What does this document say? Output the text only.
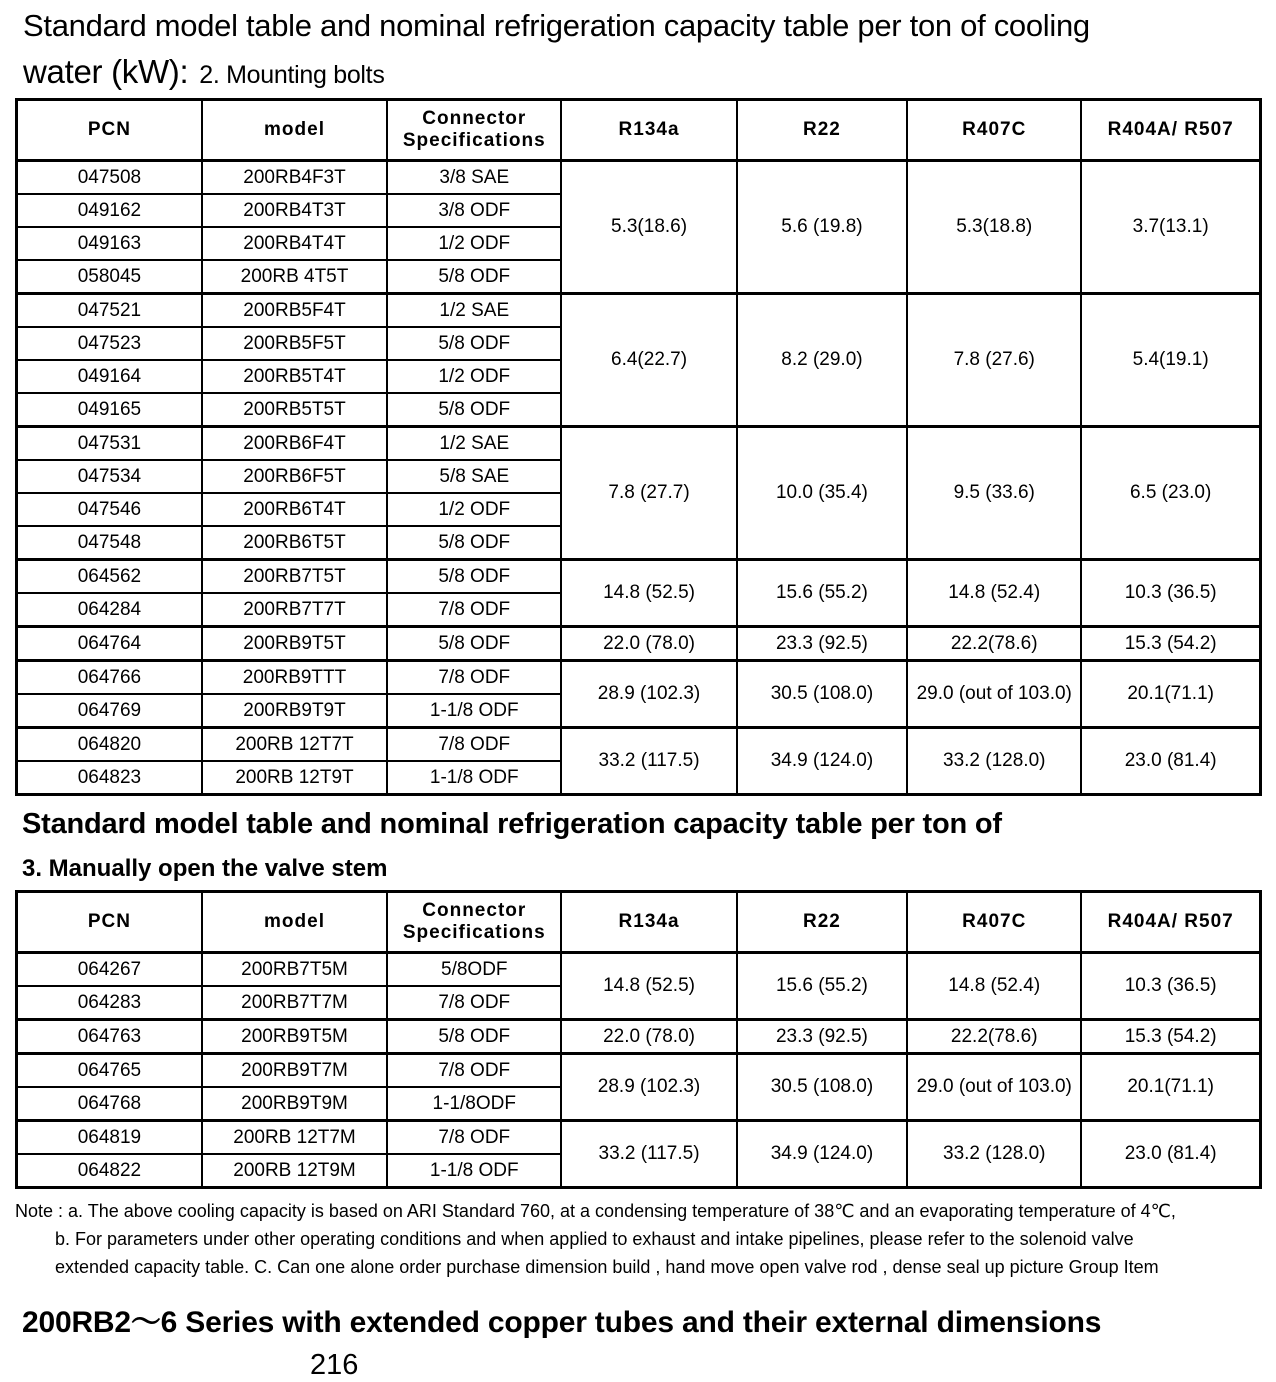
Standard model table and nominal refrigeration capacity table per ton of cooling
water (kW): 2. Mounting bolts
PCN	model	Connector
Specifications	R134a	R22	R407C	R404A/ R507

047508	200RB4F3T	3/8 SAE	5.3(18.6)	5.6 (19.8)	5.3(18.8)	3.7(13.1)
049162	200RB4T3T	3/8 ODF				
049163	200RB4T4T	1/2 ODF				
058045	200RB 4T5T	5/8 ODF				
047521	200RB5F4T	1/2 SAE	6.4(22.7)	8.2 (29.0)	7.8 (27.6)	5.4(19.1)
047523	200RB5F5T	5/8 ODF				
049164	200RB5T4T	1/2 ODF				
049165	200RB5T5T	5/8 ODF				
047531	200RB6F4T	1/2 SAE	7.8 (27.7)	10.0 (35.4)	9.5 (33.6)	6.5 (23.0)
047534	200RB6F5T	5/8 SAE				
047546	200RB6T4T	1/2 ODF				
047548	200RB6T5T	5/8 ODF				
064562	200RB7T5T	5/8 ODF	14.8 (52.5)	15.6 (55.2)	14.8 (52.4)	10.3 (36.5)
064284	200RB7T7T	7/8 ODF				
064764	200RB9T5T	5/8 ODF	22.0 (78.0)	23.3 (92.5)	22.2(78.6)	15.3 (54.2)
064766	200RB9TTT	7/8 ODF	28.9 (102.3)	30.5 (108.0)	29.0 (out of 103.0)	20.1(71.1)
064769	200RB9T9T	1-1/8 ODF				
064820	200RB 12T7T	7/8 ODF	33.2 (117.5)	34.9 (124.0)	33.2 (128.0)	23.0 (81.4)
064823	200RB 12T9T	1-1/8 ODF				
Standard model table and nominal refrigeration capacity table per ton of
3. Manually open the valve stem
PCN	model	Connector
Specifications	R134a	R22	R407C	R404A/ R507

064267	200RB7T5M	5/8ODF	14.8 (52.5)	15.6 (55.2)	14.8 (52.4)	10.3 (36.5)
064283	200RB7T7M	7/8 ODF				
064763	200RB9T5M	5/8 ODF	22.0 (78.0)	23.3 (92.5)	22.2(78.6)	15.3 (54.2)
064765	200RB9T7M	7/8 ODF	28.9 (102.3)	30.5 (108.0)	29.0 (out of 103.0)	20.1(71.1)
064768	200RB9T9M	1-1/8ODF				
064819	200RB 12T7M	7/8 ODF	33.2 (117.5)	34.9 (124.0)	33.2 (128.0)	23.0 (81.4)
064822	200RB 12T9M	1-1/8 ODF				
Note : a. The above cooling capacity is based on ARI Standard 760, at a condensing temperature of 38℃ and an evaporating temperature of 4℃,
b. For parameters under other operating conditions and when applied to exhaust and intake pipelines, please refer to the solenoid valve
extended capacity table. C. Can one alone order purchase dimension build , hand move open valve rod , dense seal up picture Group Item
200RB2～6 Series with extended copper tubes and their external dimensions
216
